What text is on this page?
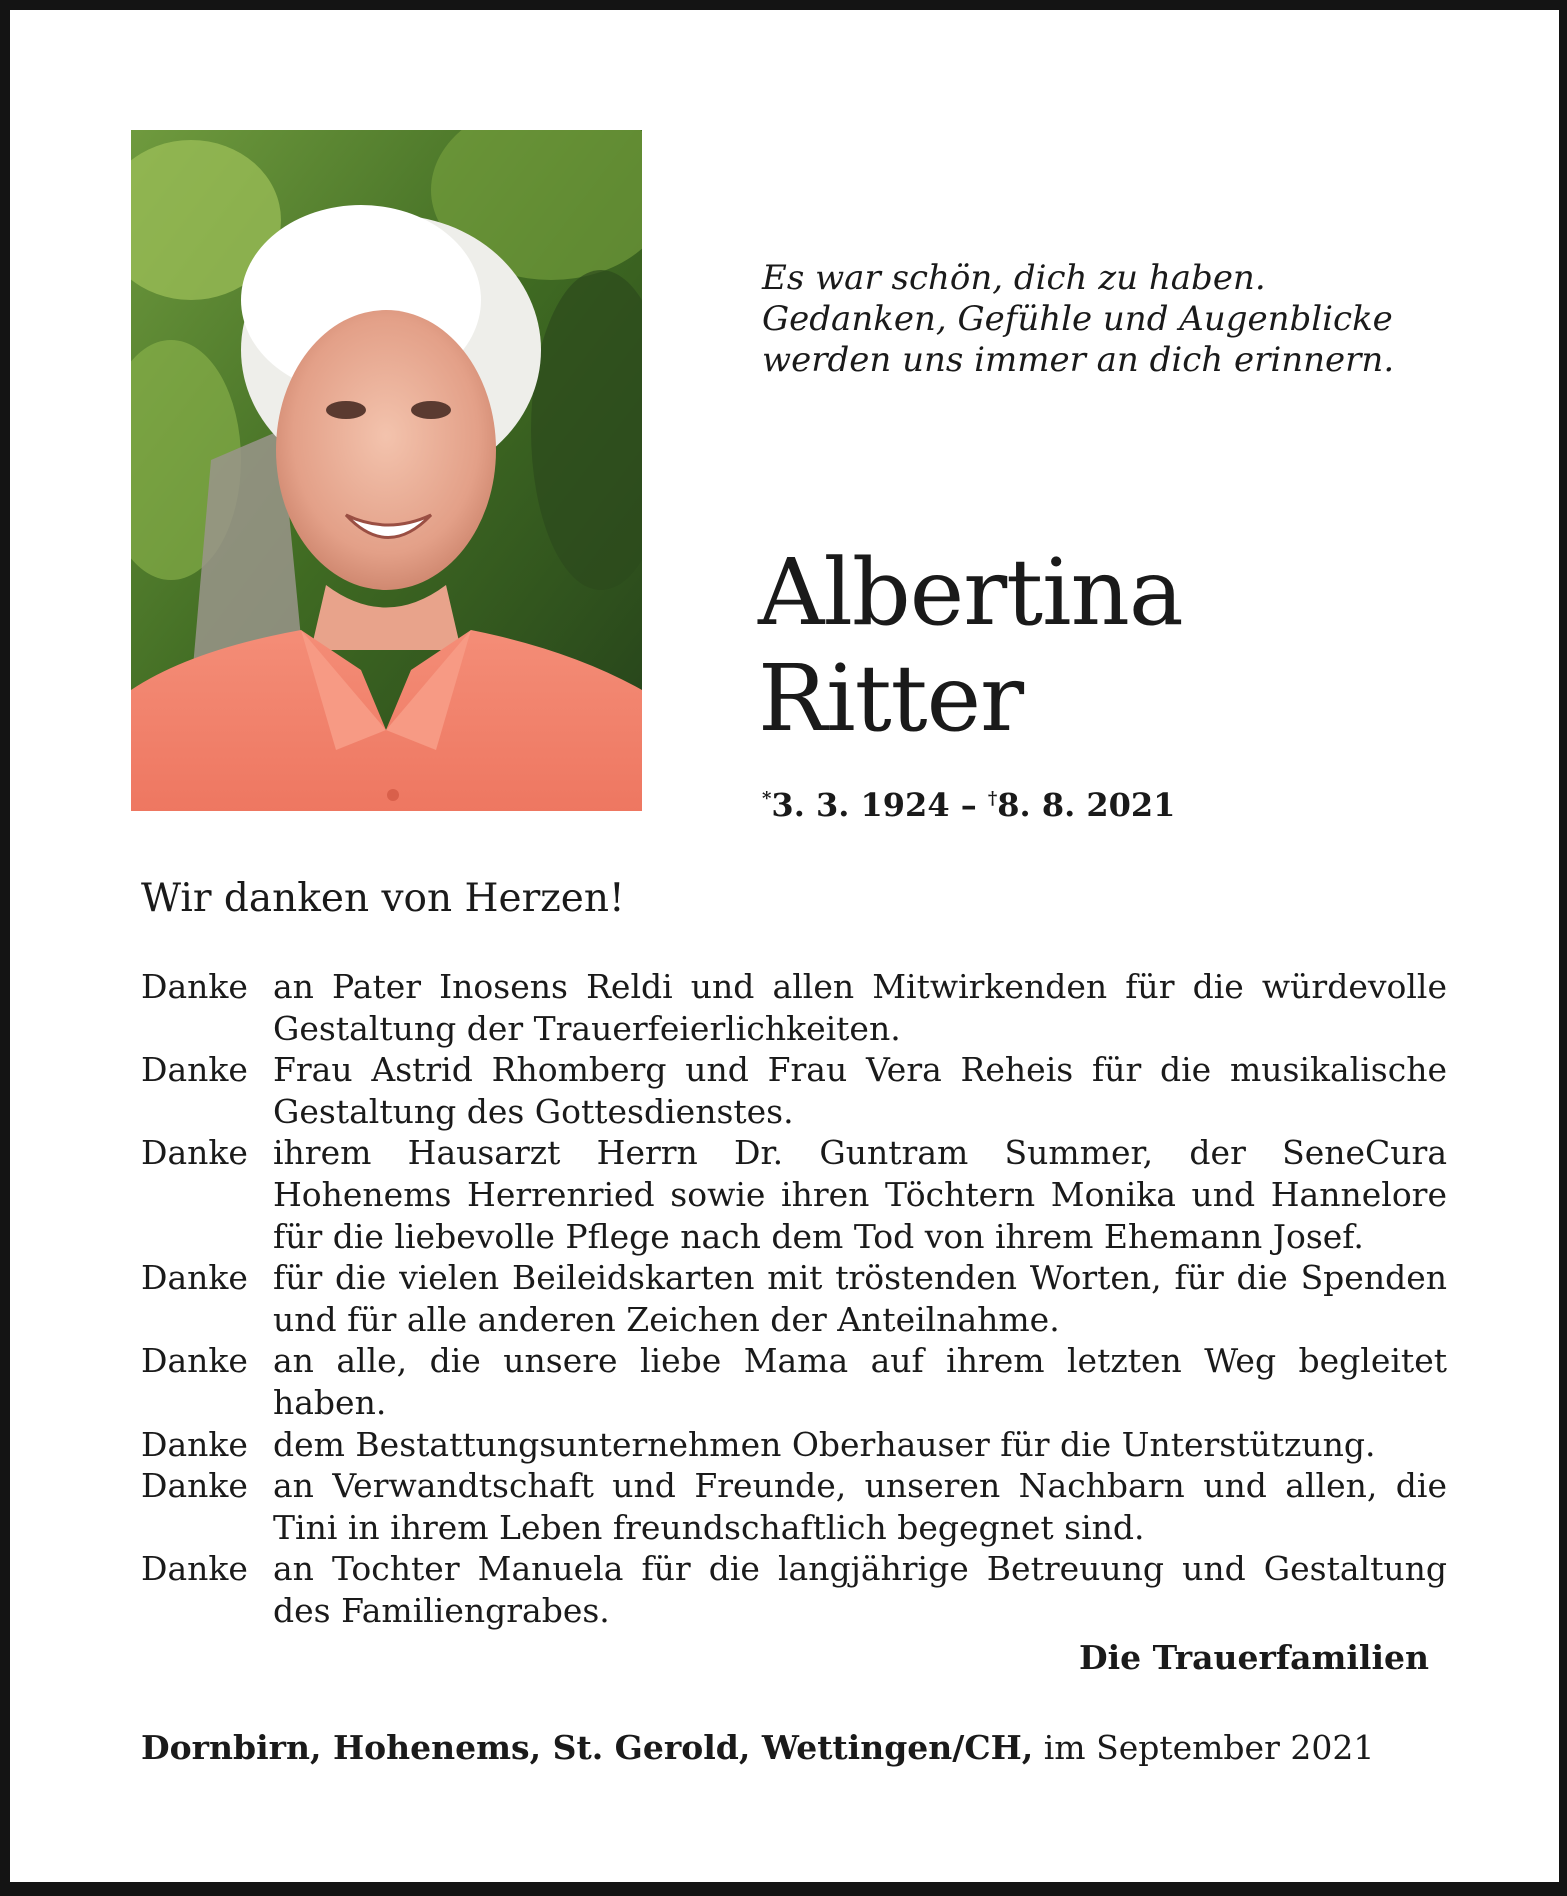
Es war schön, dich zu haben.
Gedanken, Gefühle und Augenblicke
werden uns immer an dich erinnern.
Albertina
Ritter
*3. 3. 1924 – †8. 8. 2021
Wir danken von Herzen!
Danke an Pater Inosens Reldi und allen Mitwirkenden für die würdevolle Gestaltung der Trauerfeierlichkeiten.
Danke Frau Astrid Rhomberg und Frau Vera Reheis für die musikalische Gestaltung des Gottesdienstes.
Danke ihrem Hausarzt Herrn Dr. Guntram Summer, der SeneCura Hohenems Herrenried sowie ihren Töchtern Monika und Hannelore für die liebevolle Pflege nach dem Tod von ihrem Ehemann Josef.
Danke für die vielen Beileidskarten mit tröstenden Worten, für die Spenden und für alle anderen Zeichen der Anteilnahme.
Danke an alle, die unsere liebe Mama auf ihrem letzten Weg begleitet haben.
Danke dem Bestattungsunternehmen Oberhauser für die Unterstützung.
Danke an Verwandtschaft und Freunde, unseren Nachbarn und allen, die Tini in ihrem Leben freundschaftlich begegnet sind.
Danke an Tochter Manuela für die langjährige Betreuung und Gestaltung des Familiengrabes.
Die Trauerfamilien
Dornbirn, Hohenems, St. Gerold, Wettingen/CH, im September 2021
